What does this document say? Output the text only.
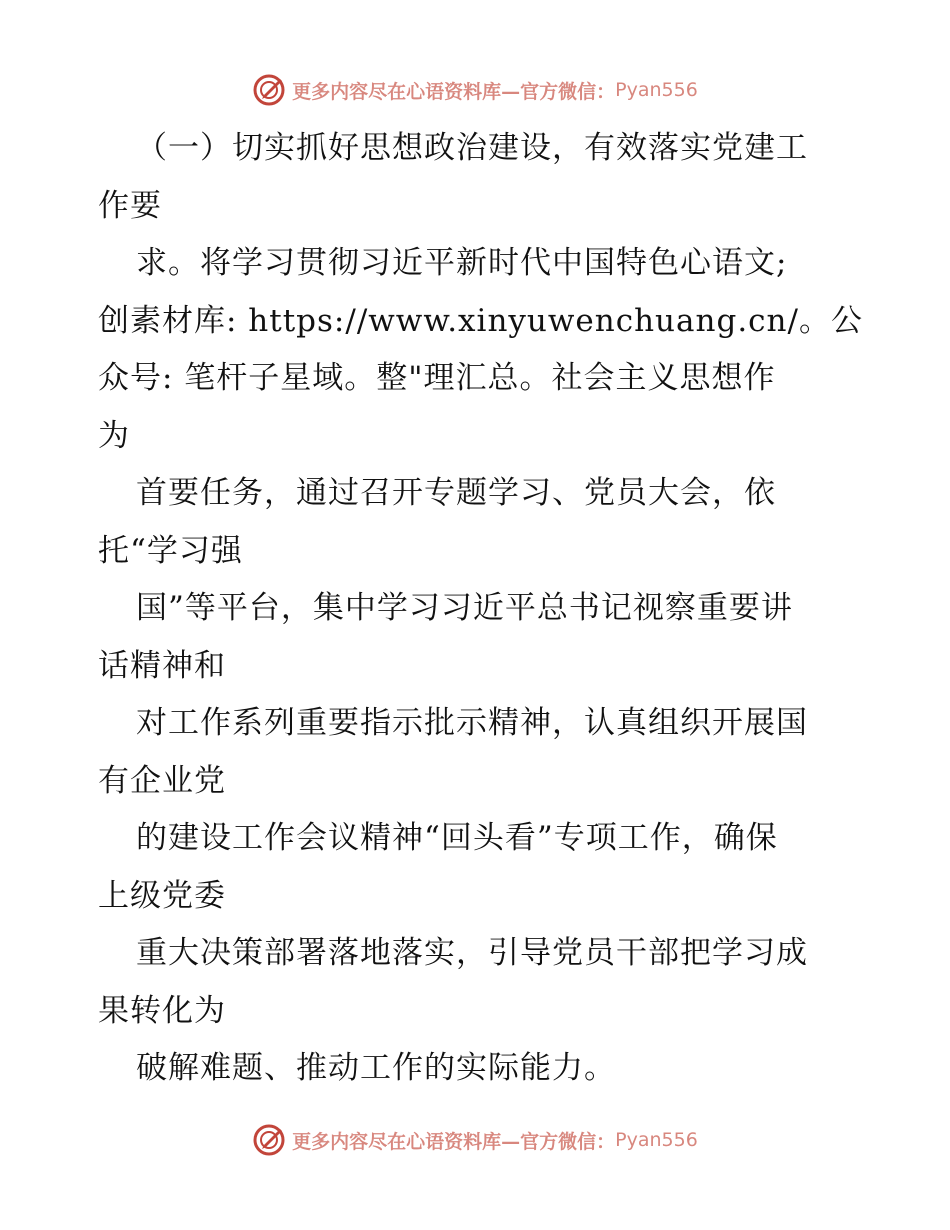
更多内容尽在心语资料库—官方微信： Pyan556
（一）切实抓好思想政治建设，有效落实党建工
作要
求。将学习贯彻习近平新时代中国特色心语文;
创素材库: https://www.xinyuwenchuang.cn/。公
众号: 笔杆子星域。整"理汇总。社会主义思想作
为
首要任务，通过召开专题学习、党员大会，依
托“学习强
国”等平台，集中学习习近平总书记视察重要讲
话精神和
对工作系列重要指示批示精神，认真组织开展国
有企业党
的建设工作会议精神“回头看”专项工作，确保
上级党委
重大决策部署落地落实，引导党员干部把学习成
果转化为
破解难题、推动工作的实际能力。
更多内容尽在心语资料库—官方微信： Pyan556
